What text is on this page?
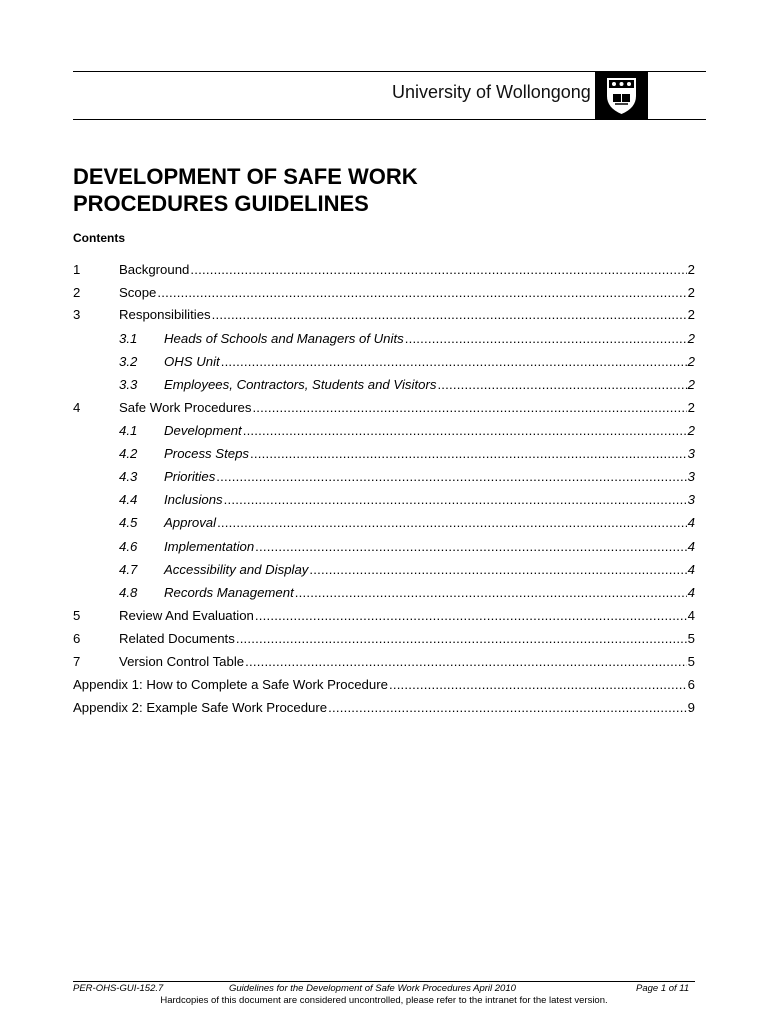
University of Wollongong
DEVELOPMENT OF SAFE WORK
PROCEDURES GUIDELINES
Contents
1	Background .....	2
2	Scope .....	2
3	Responsibilities .....	2
3.1	Heads of Schools and Managers of Units .....	2
3.2	OHS Unit .....	2
3.3	Employees, Contractors, Students and Visitors .....	2
4	Safe Work Procedures .....	2
4.1	Development .....	2
4.2	Process Steps .....	3
4.3	Priorities .....	3
4.4	Inclusions .....	3
4.5	Approval .....	4
4.6	Implementation .....	4
4.7	Accessibility and Display .....	4
4.8	Records Management .....	4
5	Review And Evaluation .....	4
6	Related Documents .....	5
7	Version Control Table .....	5
Appendix 1: How to Complete a Safe Work Procedure .....	6
Appendix 2: Example Safe Work Procedure .....	9
PER-OHS-GUI-152.7	Guidelines for the Development of Safe Work Procedures April 2010	Page 1 of 11
Hardcopies of this document are considered uncontrolled, please refer to the intranet for the latest version.
